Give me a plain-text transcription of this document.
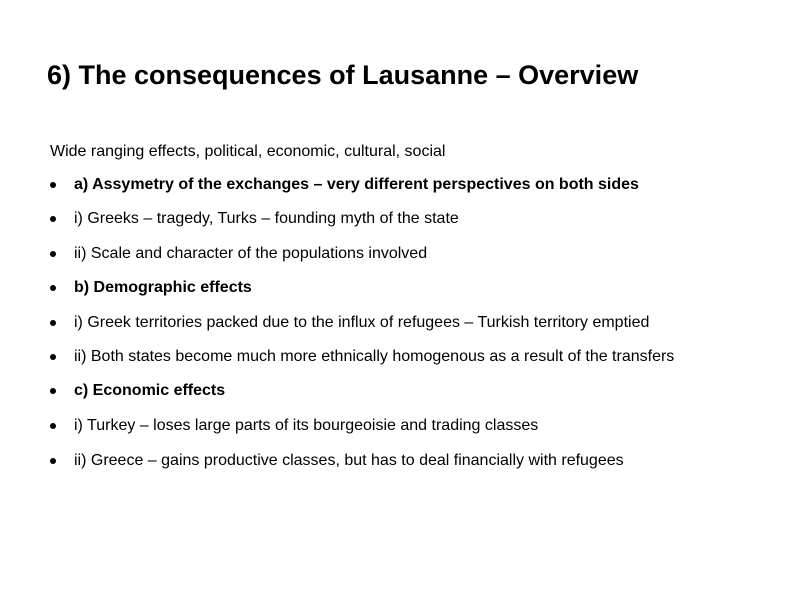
6) The consequences of Lausanne – Overview
Wide ranging effects, political, economic, cultural, social
a) Assymetry of the exchanges – very different perspectives on both sides
i) Greeks – tragedy, Turks – founding myth of the state
ii) Scale and character of the populations involved
b) Demographic effects
i) Greek territories packed due to the influx of refugees – Turkish territory emptied
ii) Both states become much more ethnically homogenous as a result of the transfers
c) Economic effects
i) Turkey – loses large parts of its bourgeoisie and trading classes
ii) Greece – gains productive classes, but has to deal financially with refugees
